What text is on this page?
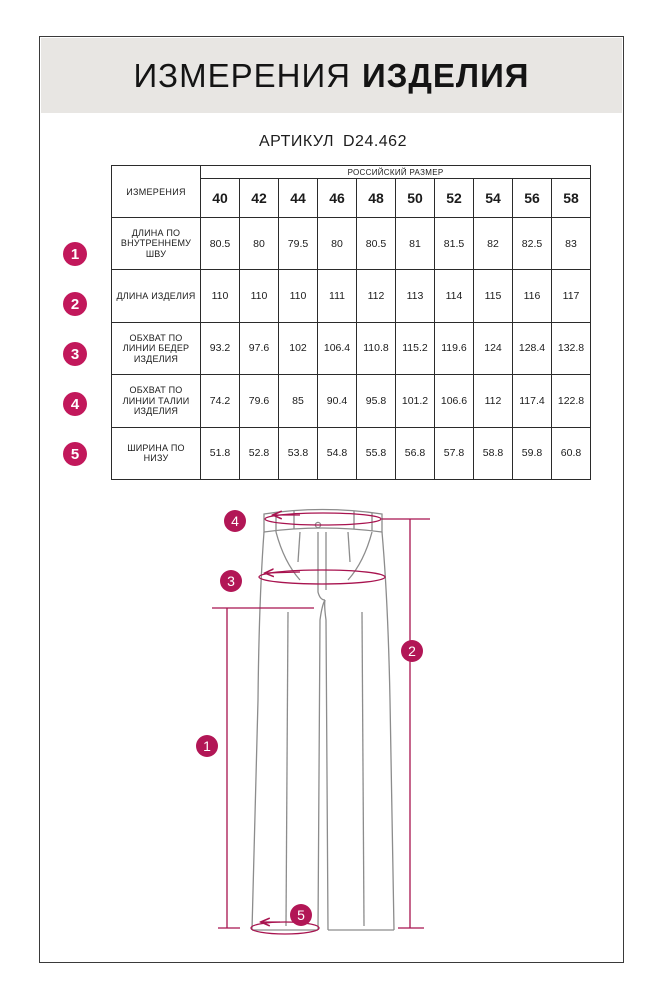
ИЗМЕРЕНИЯ ИЗДЕЛИЯ
АРТИКУЛ D24.462
ИЗМЕРЕНИЯ	РОССИЙСКИЙ РАЗМЕР									
	40	42	44	46	48	50	52	54	56	58

ДЛИНА ПО
ВНУТРЕННЕМУ
ШВУ	80.5	80	79.5	80	80.5	81	81.5	82	82.5	83

ДЛИНА ИЗДЕЛИЯ	110	110	110	111	112	113	114	115	116	117

ОБХВАТ ПО
ЛИНИИ БЕДЕР
ИЗДЕЛИЯ	93.2	97.6	102	106.4	110.8	115.2	119.6	124	128.4	132.8

ОБХВАТ ПО
ЛИНИИ ТАЛИИ
ИЗДЕЛИЯ	74.2	79.6	85	90.4	95.8	101.2	106.6	112	117.4	122.8

ШИРИНА ПО
НИЗУ	51.8	52.8	53.8	54.8	55.8	56.8	57.8	58.8	59.8	60.8
1
2
3
4
5
4
3
2
1
5
